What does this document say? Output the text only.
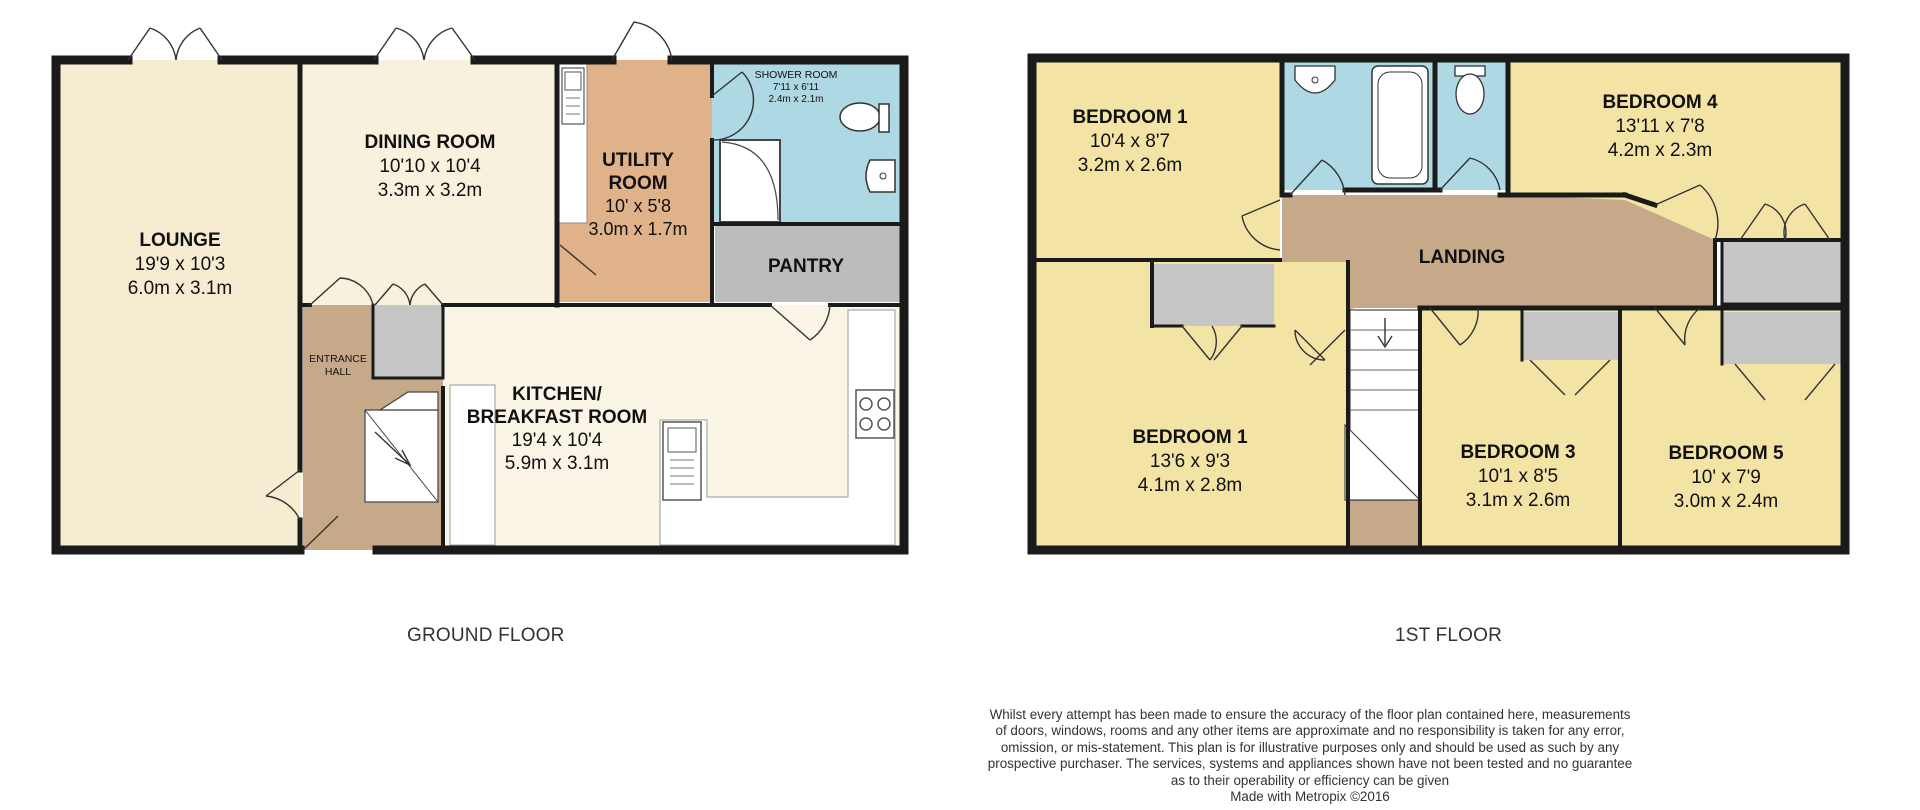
LOUNGE
19'9 x 10'3
6.0m x 3.1m
DINING ROOM
10'10 x 10'4
3.3m x 3.2m
UTILITY
ROOM
10' x 5'8
3.0m x 1.7m
SHOWER ROOM
7'11 x 6'11
2.4m x 2.1m
PANTRY
ENTRANCE
HALL
KITCHEN/
BREAKFAST ROOM
19'4 x 10'4
5.9m x 3.1m
BEDROOM 1
10'4 x 8'7
3.2m x 2.6m
BEDROOM 4
13'11 x 7'8
4.2m x 2.3m
LANDING
BEDROOM 1
13'6 x 9'3
4.1m x 2.8m
BEDROOM 3
10'1 x 8'5
3.1m x 2.6m
BEDROOM 5
10' x 7'9
3.0m x 2.4m
GROUND FLOOR	1ST FLOOR
Whilst every attempt has been made to ensure the accuracy of the floor plan contained here, measurements
of doors, windows, rooms and any other items are approximate and no responsibility is taken for any error,
omission, or mis-statement. This plan is for illustrative purposes only and should be used as such by any
prospective purchaser. The services, systems and appliances shown have not been tested and no guarantee
as to their operability or efficiency can be given
Made with Metropix ©2016
